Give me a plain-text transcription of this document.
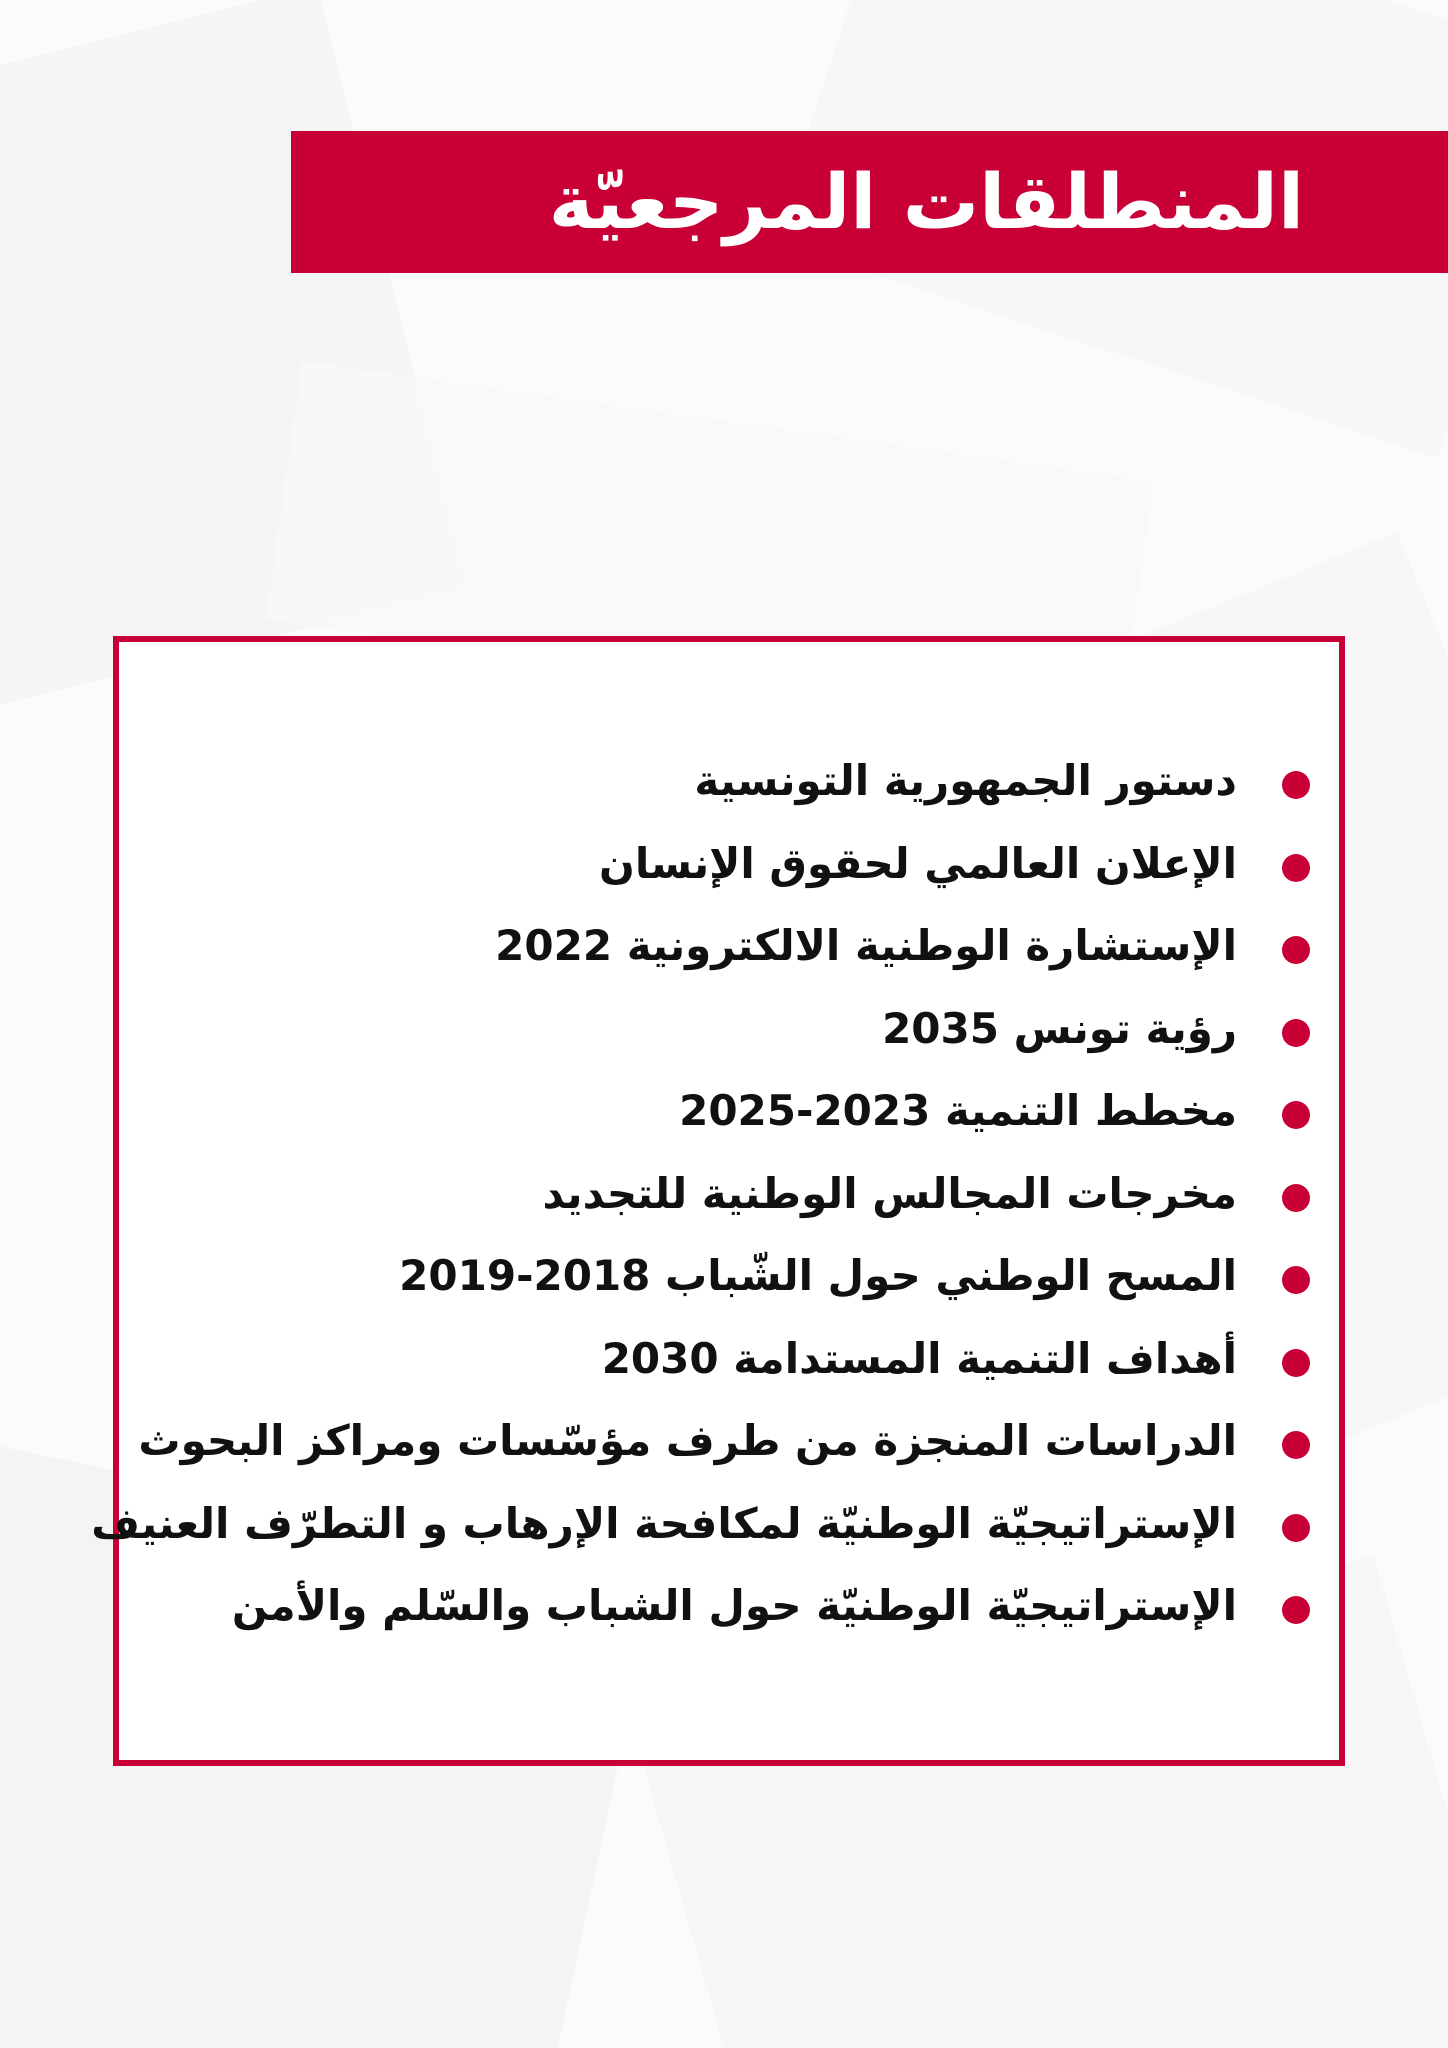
المنطلقات المرجعيّة
دستور الجمهورية التونسية
الإعلان العالمي لحقوق الإنسان
الإستشارة الوطنية الالكترونية 2022
رؤية تونس 2035
مخطط التنمية 2023-2025
مخرجات المجالس الوطنية للتجديد
المسح الوطني حول الشّباب 2018-2019
أهداف التنمية المستدامة 2030
الدراسات المنجزة من طرف مؤسّسات ومراكز البحوث
الإستراتيجيّة الوطنيّة لمكافحة الإرهاب و التطرّف العنيف
الإستراتيجيّة الوطنيّة حول الشباب والسّلم والأمن
